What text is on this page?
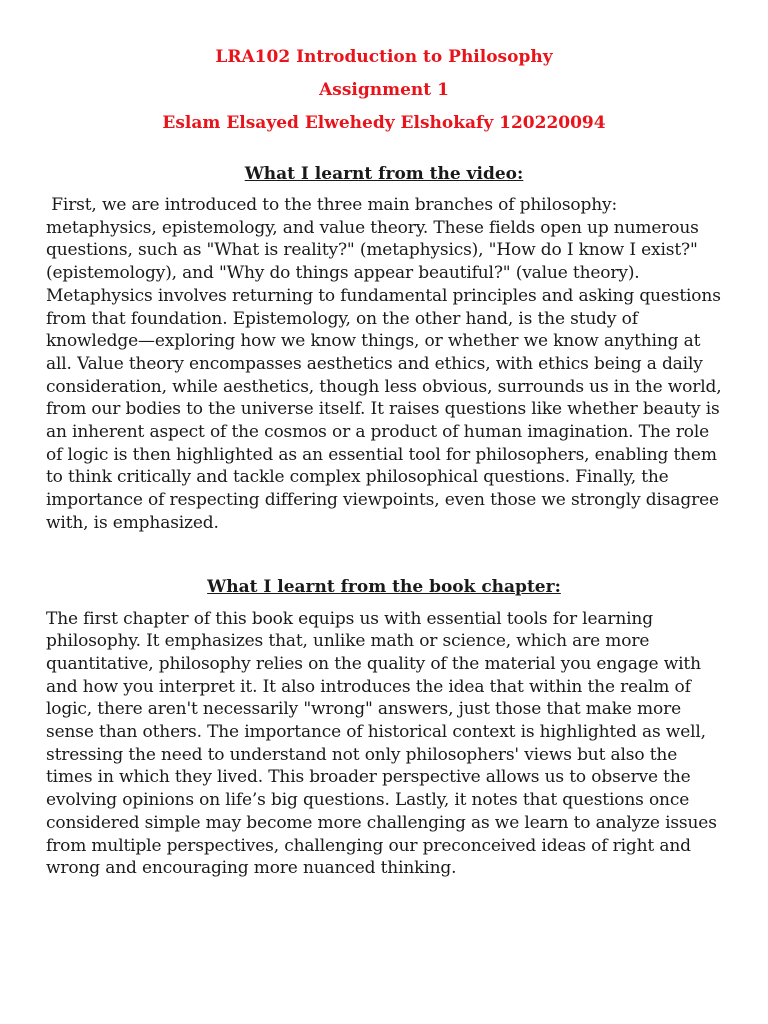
LRA102 Introduction to Philosophy
Assignment 1
Eslam Elsayed Elwehedy Elshokafy 120220094
What I learnt from the video:

First, we are introduced to the three main branches of philosophy: metaphysics, epistemology, and value theory. These fields open up numerous questions, such as "What is reality?" (metaphysics), "How do I know I exist?" (epistemology), and "Why do things appear beautiful?" (value theory). Metaphysics involves returning to fundamental principles and asking questions from that foundation. Epistemology, on the other hand, is the study of knowledge—exploring how we know things, or whether we know anything at all. Value theory encompasses aesthetics and ethics, with ethics being a daily consideration, while aesthetics, though less obvious, surrounds us in the world, from our bodies to the universe itself. It raises questions like whether beauty is an inherent aspect of the cosmos or a product of human imagination. The role of logic is then highlighted as an essential tool for philosophers, enabling them to think critically and tackle complex philosophical questions. Finally, the importance of respecting differing viewpoints, even those we strongly disagree with, is emphasized.

What I learnt from the book chapter:

The first chapter of this book equips us with essential tools for learning philosophy. It emphasizes that, unlike math or science, which are more quantitative, philosophy relies on the quality of the material you engage with and how you interpret it. It also introduces the idea that within the realm of logic, there aren't necessarily "wrong" answers, just those that make more sense than others. The importance of historical context is highlighted as well, stressing the need to understand not only philosophers' views but also the times in which they lived. This broader perspective allows us to observe the evolving opinions on life’s big questions. Lastly, it notes that questions once considered simple may become more challenging as we learn to analyze issues from multiple perspectives, challenging our preconceived ideas of right and wrong and encouraging more nuanced thinking.
